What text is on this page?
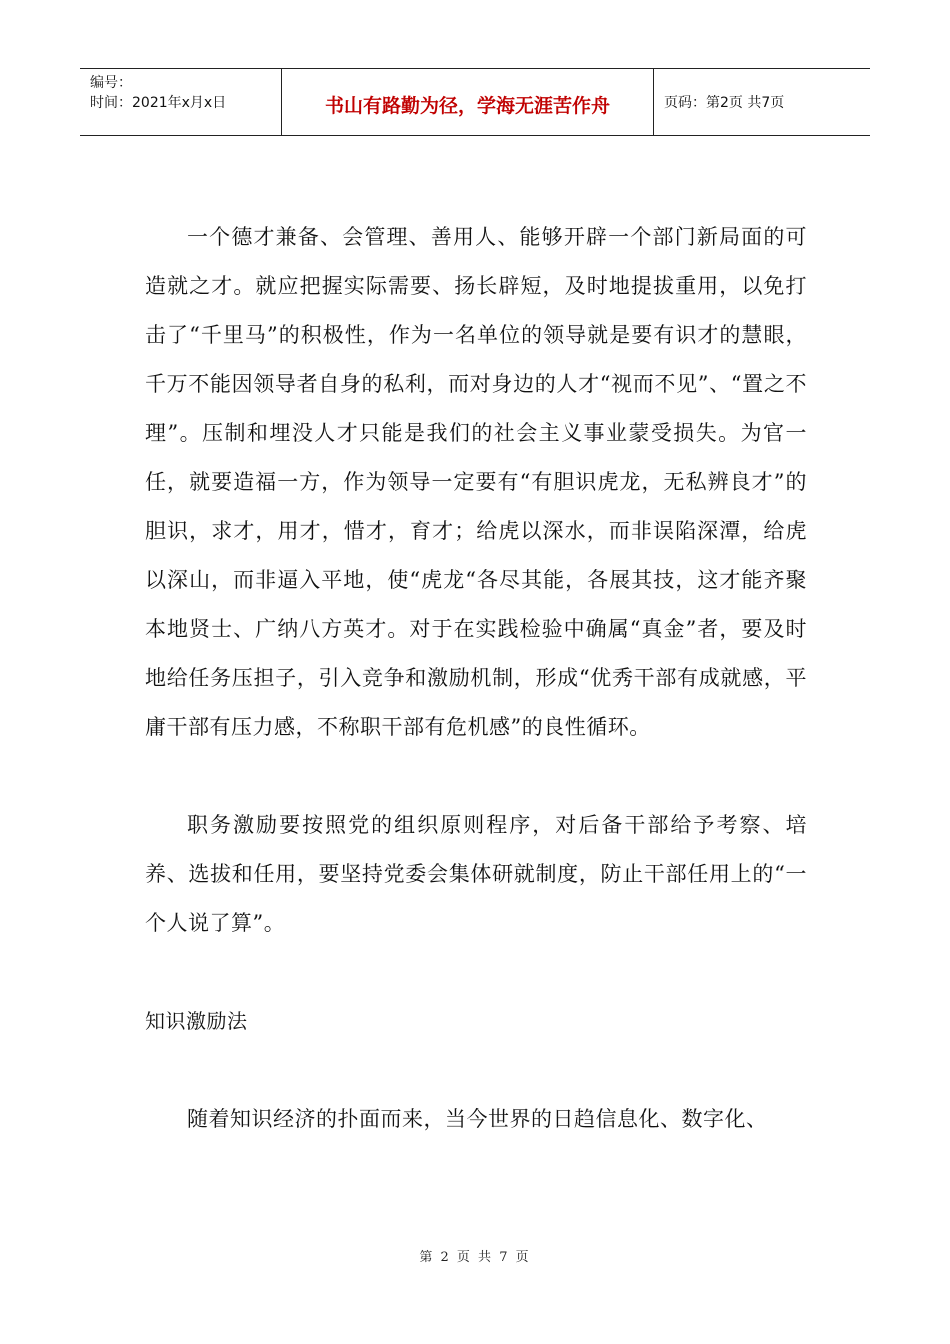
编号：
时间：2021年x月x日	书山有路勤为径，学海无涯苦作舟	页码：第2页 共7页

一个德才兼备、会管理、善用人、能够开辟一个部门新局面的可造就之才。就应把握实际需要、扬长辟短，及时地提拔重用，以免打击了“千里马”的积极性，作为一名单位的领导就是要有识才的慧眼，千万不能因领导者自身的私利，而对身边的人才“视而不见”、“置之不理”。压制和埋没人才只能是我们的社会主义事业蒙受损失。为官一任，就要造福一方，作为领导一定要有“有胆识虎龙，无私辨良才”的胆识，求才，用才，惜才，育才；给虎以深水，而非误陷深潭，给虎以深山，而非逼入平地，使“虎龙“各尽其能，各展其技，这才能齐聚本地贤士、广纳八方英才。对于在实践检验中确属“真金”者，要及时地给任务压担子，引入竞争和激励机制，形成“优秀干部有成就感，平庸干部有压力感，不称职干部有危机感”的良性循环。

职务激励要按照党的组织原则程序，对后备干部给予考察、培养、选拔和任用，要坚持党委会集体研就制度，防止干部任用上的“一个人说了算”。

知识激励法

随着知识经济的扑面而来，当今世界的日趋信息化、数字化、

第 2 页 共 7 页
